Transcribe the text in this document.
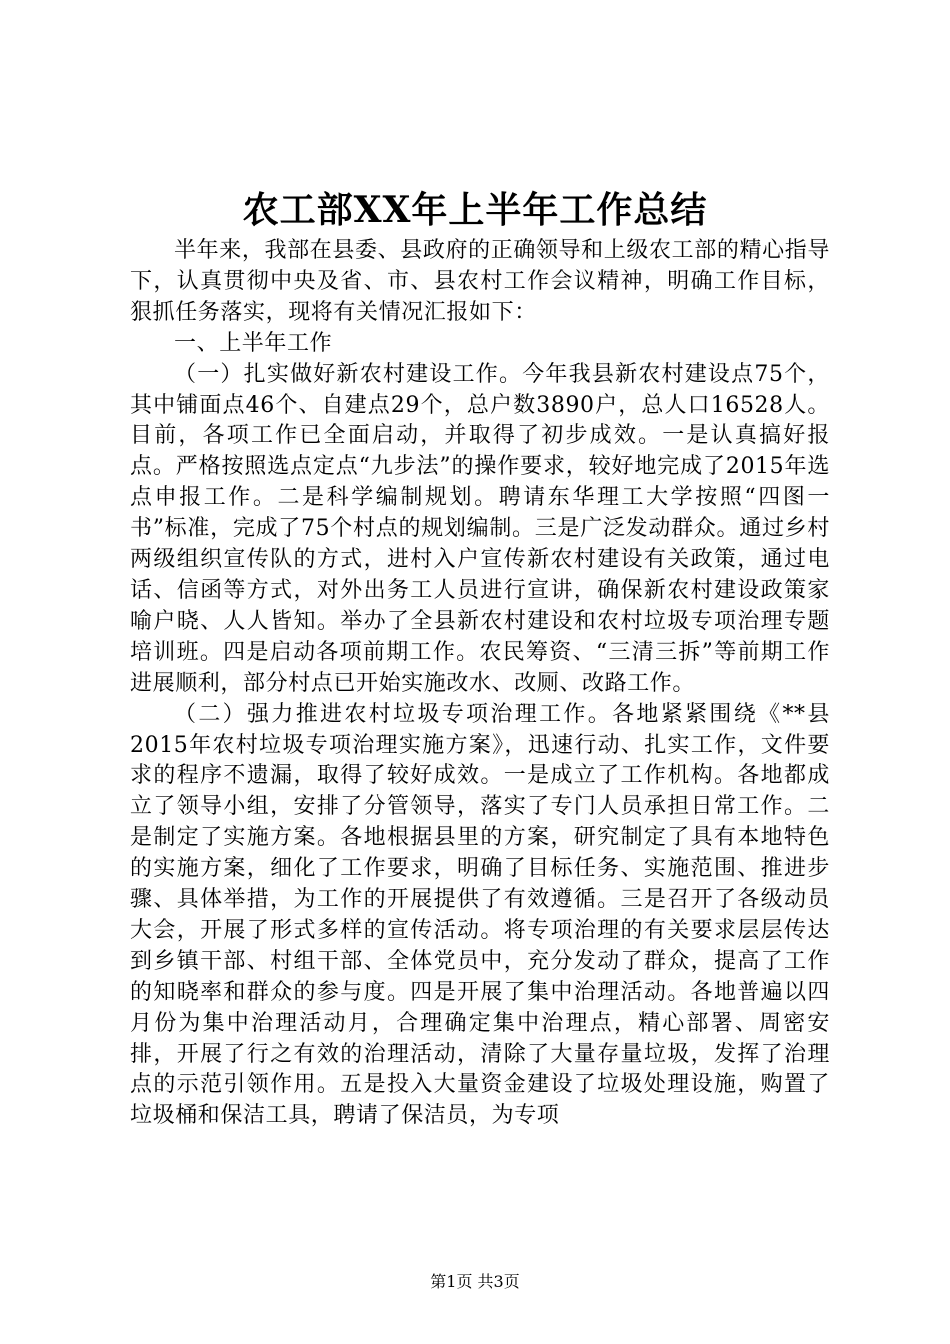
农工部XX年上半年工作总结

半年来，我部在县委、县政府的正确领导和上级农工部的精心指导下，认真贯彻中央及省、市、县农村工作会议精神，明确工作目标，狠抓任务落实，现将有关情况汇报如下：

一、上半年工作

（一）扎实做好新农村建设工作。今年我县新农村建设点75个，其中铺面点46个、自建点29个，总户数3890户，总人口16528人。目前，各项工作已全面启动，并取得了初步成效。一是认真搞好报点。严格按照选点定点“九步法”的操作要求，较好地完成了2015年选点申报工作。二是科学编制规划。聘请东华理工大学按照“四图一书”标准，完成了75个村点的规划编制。三是广泛发动群众。通过乡村两级组织宣传队的方式，进村入户宣传新农村建设有关政策，通过电话、信函等方式，对外出务工人员进行宣讲，确保新农村建设政策家喻户晓、人人皆知。举办了全县新农村建设和农村垃圾专项治理专题培训班。四是启动各项前期工作。农民筹资、“三清三拆”等前期工作进展顺利，部分村点已开始实施改水、改厕、改路工作。

（二）强力推进农村垃圾专项治理工作。各地紧紧围绕《**县2015年农村垃圾专项治理实施方案》，迅速行动、扎实工作，文件要求的程序不遗漏，取得了较好成效。一是成立了工作机构。各地都成立了领导小组，安排了分管领导，落实了专门人员承担日常工作。二是制定了实施方案。各地根据县里的方案，研究制定了具有本地特色的实施方案，细化了工作要求，明确了目标任务、实施范围、推进步骤、具体举措，为工作的开展提供了有效遵循。三是召开了各级动员大会，开展了形式多样的宣传活动。将专项治理的有关要求层层传达到乡镇干部、村组干部、全体党员中，充分发动了群众，提高了工作的知晓率和群众的参与度。四是开展了集中治理活动。各地普遍以四月份为集中治理活动月，合理确定集中治理点，精心部署、周密安排，开展了行之有效的治理活动，清除了大量存量垃圾，发挥了治理点的示范引领作用。五是投入大量资金建设了垃圾处理设施，购置了垃圾桶和保洁工具，聘请了保洁员，为专项

第1页 共3页
